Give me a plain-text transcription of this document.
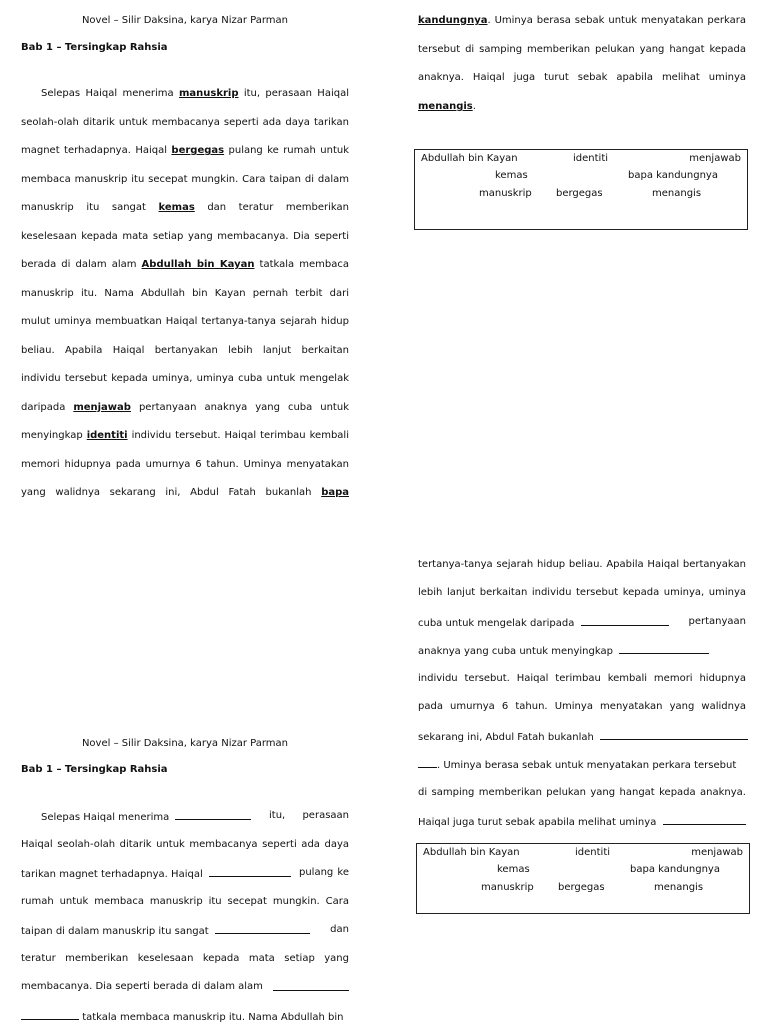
Novel – Silir Daksina, karya Nizar Parman
Bab 1 – Tersingkap Rahsia
Selepas Haiqal menerima manuskrip itu, perasaan Haiqal
seolah-olah ditarik untuk membacanya seperti ada daya tarikan
magnet terhadapnya. Haiqal bergegas pulang ke rumah untuk
membaca manuskrip itu secepat mungkin. Cara taipan di dalam
manuskrip itu sangat kemas dan teratur memberikan
keselesaan kepada mata setiap yang membacanya. Dia seperti
berada di dalam alam Abdullah bin Kayan tatkala membaca
manuskrip itu. Nama Abdullah bin Kayan pernah terbit dari
mulut uminya membuatkan Haiqal tertanya-tanya sejarah hidup
beliau. Apabila Haiqal bertanyakan lebih lanjut berkaitan
individu tersebut kepada uminya, uminya cuba untuk mengelak
daripada menjawab pertanyaan anaknya yang cuba untuk
menyingkap identiti individu tersebut. Haiqal terimbau kembali
memori hidupnya pada umurnya 6 tahun. Uminya menyatakan
yang walidnya sekarang ini, Abdul Fatah bukanlah bapa
kandungnya. Uminya berasa sebak untuk menyatakan perkara
tersebut di samping memberikan pelukan yang hangat kepada
anaknya. Haiqal juga turut sebak apabila melihat uminya
menangis.
Abdullah bin Kayan	identiti	menjawab
kemas	bapa kandungnya
manuskrip bergegas	menangis
tertanya-tanya sejarah hidup beliau. Apabila Haiqal bertanyakan
lebih lanjut berkaitan individu tersebut kepada uminya, uminya
cuba untuk mengelak daripada	pertanyaan
anaknya yang cuba untuk menyingkap
individu tersebut. Haiqal terimbau kembali memori hidupnya
pada umurnya 6 tahun. Uminya menyatakan yang walidnya
sekarang ini, Abdul Fatah bukanlah
. Uminya berasa sebak untuk menyatakan perkara tersebut
di samping memberikan pelukan yang hangat kepada anaknya.
Haiqal juga turut sebak apabila melihat uminya
Abdullah bin Kayan	identiti	menjawab
kemas	bapa kandungnya
manuskrip bergegas	menangis
Novel – Silir Daksina, karya Nizar Parman
Bab 1 – Tersingkap Rahsia
Selepas Haiqal menerima	itu, perasaan
Haiqal seolah-olah ditarik untuk membacanya seperti ada daya
tarikan magnet terhadapnya. Haiqal	pulang ke
rumah untuk membaca manuskrip itu secepat mungkin. Cara
taipan di dalam manuskrip itu sangat	dan
teratur memberikan keselesaan kepada mata setiap yang
membacanya. Dia seperti berada di dalam alam
tatkala membaca manuskrip itu. Nama Abdullah bin
